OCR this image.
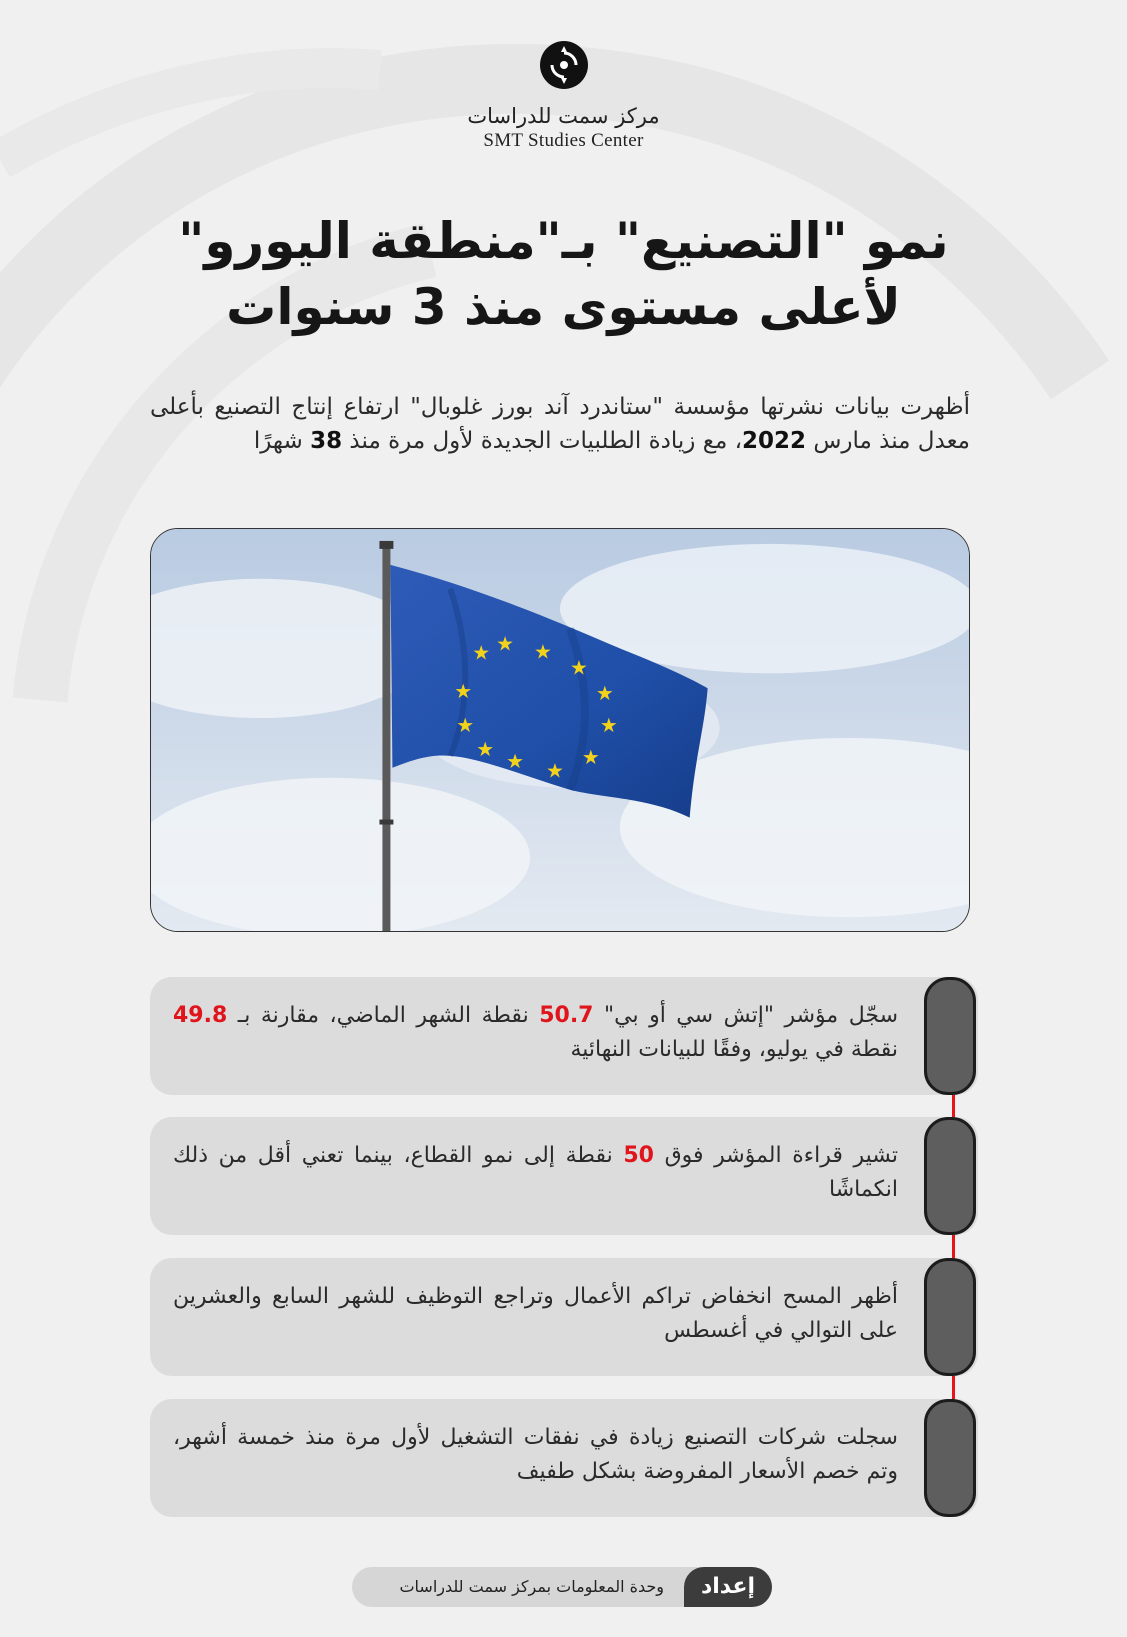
مركز سمت للدراسات
SMT Studies Center
نمو "التصنيع" بـ"منطقة اليورو"
لأعلى مستوى منذ 3 سنوات

أظهرت بيانات نشرتها مؤسسة "ستاندرد آند بورز غلوبال" ارتفاع إنتاج التصنيع بأعلى معدل منذ مارس 2022، مع زيادة الطلبيات الجديدة لأول مرة منذ 38 شهرًا

★ ★ ★
★
★
★
★
★
★
★
★
★

سجّل مؤشر "إتش سي أو بي" 50.7 نقطة الشهر الماضي، مقارنة بـ 49.8 نقطة في يوليو، وفقًا للبيانات النهائية

تشير قراءة المؤشر فوق 50 نقطة إلى نمو القطاع، بينما تعني أقل من ذلك انكماشًا

أظهر المسح انخفاض تراكم الأعمال وتراجع التوظيف للشهر السابع والعشرين على التوالي في أغسطس

سجلت شركات التصنيع زيادة في نفقات التشغيل لأول مرة منذ خمسة أشهر، وتم خصم الأسعار المفروضة بشكل طفيف

إعداد
وحدة المعلومات بمركز سمت للدراسات
